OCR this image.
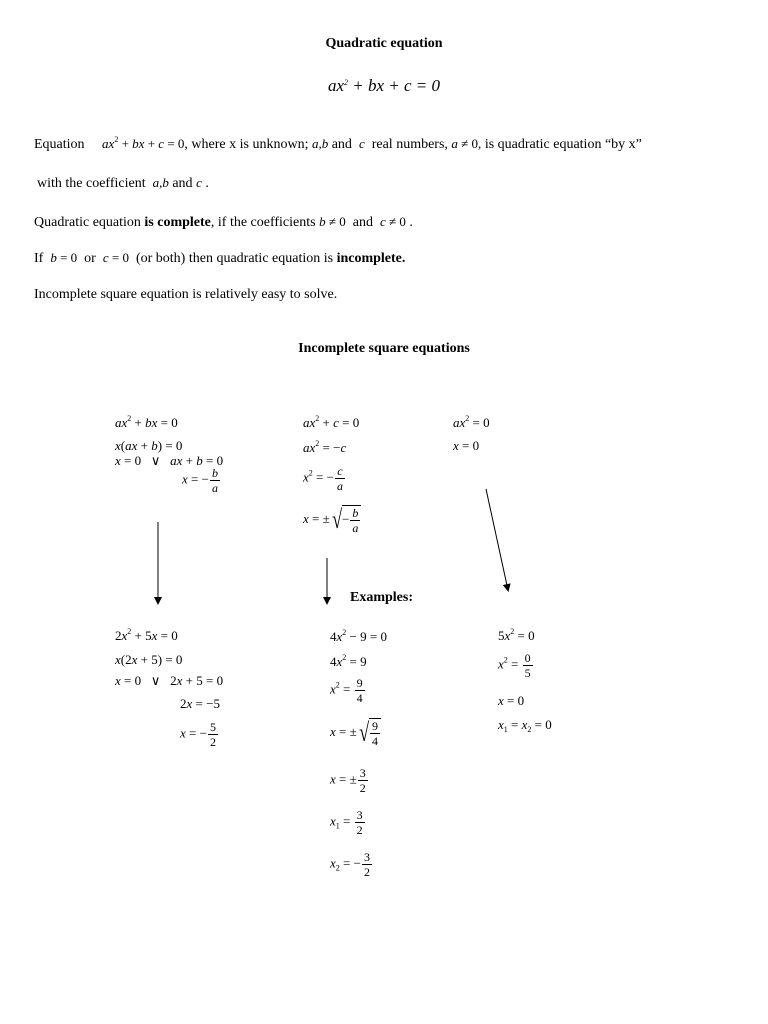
Quadratic equation
$ax^2$ + bx + c = 0
Equation $ax^2$ + bx + c = 0, where x is unknown; a,b and c real numbers, a ≠ 0, is quadratic equation “by x”
with the coefficient a,b and c .
Quadratic equation is complete, if the coefficients b ≠ 0 and c ≠ 0 .
If b = 0 or c = 0 (or both) then quadratic equation is incomplete.
Incomplete square equation is relatively easy to solve.
Incomplete square equations
$ax^2$ + bx = 0
x(ax + b) = 0
x = 0   ∨   ax + b = 0
x = − $\frac{b}{a}$
$ax^2 + c = 0$
$ax^2 = -c$
$x^2$ = − $\frac{c}{a}$
x = ±√− $\frac{b}{a}$
$ax^2 = 0$
x = 0
Examples:
$2x^2 + 5x = 0$
x(2x + 5) = 0
x = 0   ∨   2x + 5 = 0
2x = −5
x = − $\frac{5}{2}$
$4x^2 - 9 = 0$
$4x^2 = 9$
$x^2 = \frac{9}{4}$
x = ±√ $\frac{9}{4}$
x = ± $\frac{3}{2}$
$x_1 = \frac{3}{2}$
$x_2$ = − $\frac{3}{2}$
$5x^2 = 0$
$x^2 = \frac{0}{5}$
x = 0
$x_1 = x_2 = 0$
